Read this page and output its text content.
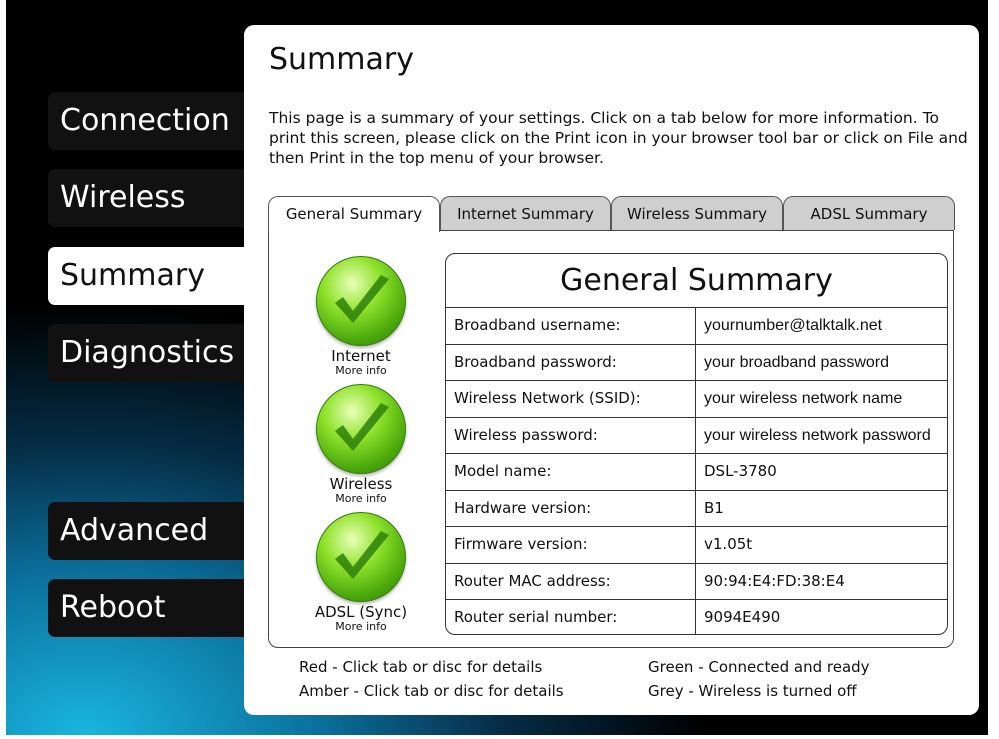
Connection
Wireless
Summary
Diagnostics
Advanced
Reboot
Summary
This page is a summary of your settings. Click on a tab below for more information. To print this screen, please click on the Print icon in your browser tool bar or click on File and then Print in the top menu of your browser.
General Summary	Internet Summary	Wireless Summary	ADSL Summary
Internet
More info
Wireless
More info
ADSL (Sync)
More info
General Summary
Broadband username:	yournumber@talktalk.net
Broadband password:	your broadband password
Wireless Network (SSID):	your wireless network name
Wireless password:	your wireless network password
Model name:	DSL-3780
Hardware version:	B1
Firmware version:	v1.05t
Router MAC address:	90:94:E4:FD:38:E4
Router serial number:	9094E490
Red - Click tab or disc for details
Amber - Click tab or disc for details
Green - Connected and ready
Grey - Wireless is turned off
